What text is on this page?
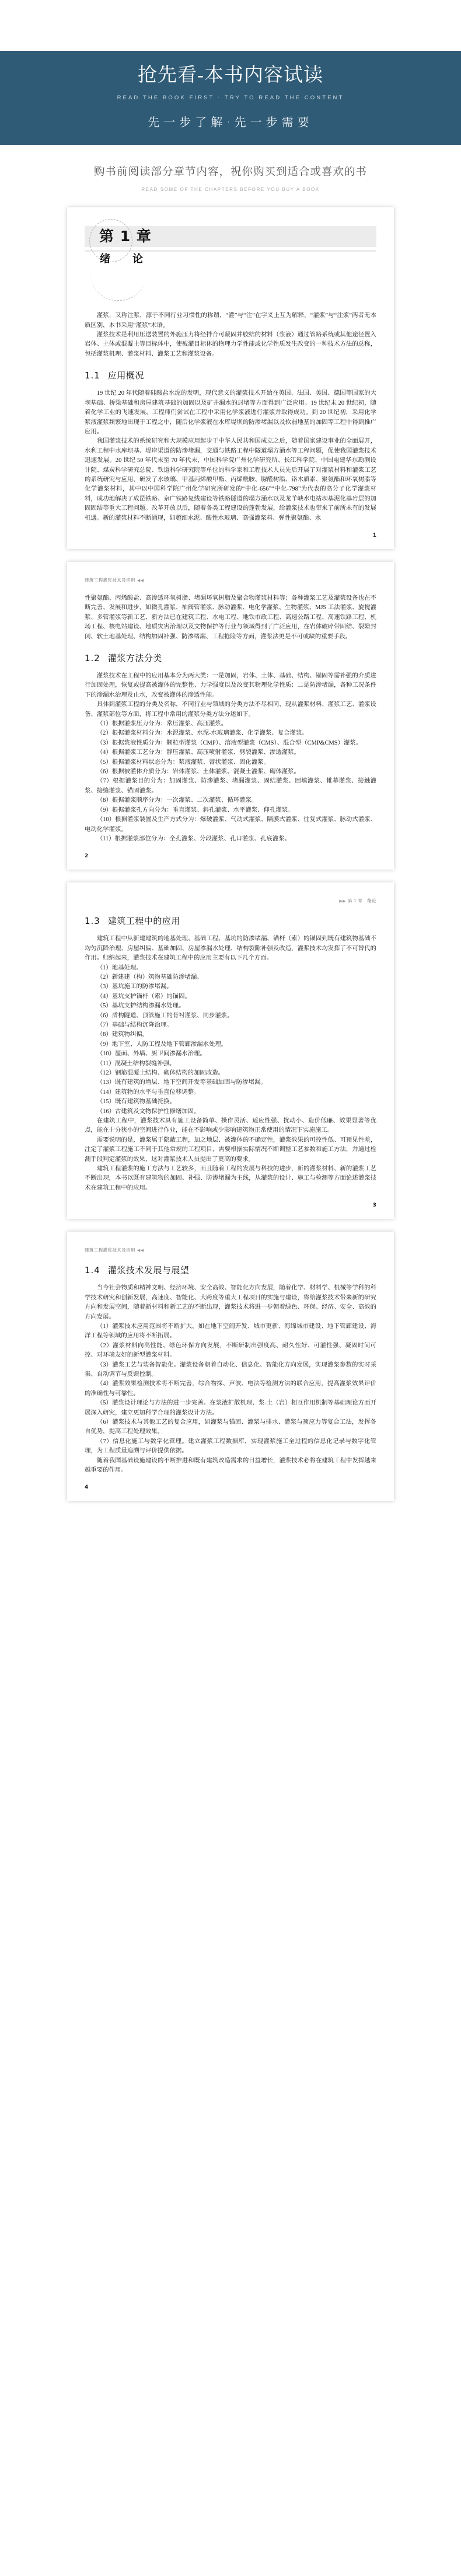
抢先看-本书内容试读
READ THE BOOK FIRST · TRY TO READ THE CONTENT
先一步了解·先一步需要
购书前阅读部分章节内容，祝你购买到适合或喜欢的书
READ SOME OF THE CHAPTERS BEFORE YOU BUY A BOOK
第 1 章
绪　论

灌浆，又称注浆，源于不同行业习惯性的称谓，“灌”与“注”在字义上互为解释，“灌浆”与“注浆”两者无本质区别，本书采用“灌浆”术语。

灌浆技术是利用压送装置的外施压力将经拌合可凝固并胶结的材料（浆液）通过管路系统或其他途径置入岩体、土体或混凝土等目标体中，使被灌目标体的物理力学性能或化学性质发生改变的一种技术方法的总称，包括灌浆机理、灌浆材料、灌浆工艺和灌浆设备。

1.1 应用概况

19 世纪 20 年代随着硅酸盐水泥的发明，现代意义的灌浆技术开始在英国、法国、美国、德国等国家的大坝基础、桥梁基础和房屋建筑基础的加固以及矿井漏水的封堵等方面得到广泛应用。19 世纪末 20 世纪初，随着化学工业的飞速发展，工程师们尝试在工程中采用化学浆液进行灌浆并取得成功。到 20 世纪初，采用化学浆液灌浆频繁地出现于工程之中，随后化学浆液在水库堤坝的防渗堵漏以及软弱地基的加固等工程中得到推广应用。

我国灌浆技术的系统研究和大规模应用起步于中华人民共和国成立之后，随着国家建设事业的全面展开，水利工程中水库坝基、堤岸渠道的防渗堵漏，交通与铁路工程中隧道塌方涌水等工程问题，促使我国灌浆技术迅速发展。20 世纪 50 年代末至 70 年代末，中国科学院广州化学研究所、长江科学院、中国电建华东勘测设计院、煤炭科学研究总院、铁道科学研究院等单位的科学家和工程技术人员先后开展了对灌浆材料和灌浆工艺的系统研究与应用，研发了水玻璃、甲基丙烯酸甲酯、丙烯酰胺、脲醛树脂、铬木质素、聚氨酯和环氧树脂等化学灌浆材料，其中以中国科学院广州化学研究所研发的“中化-656”“中化-798”为代表的高分子化学灌浆材料，成功地解决了成昆铁路、京广铁路复线建设等铁路隧道的塌方涌水以及龙羊峡水电站坝基泥化基岩层的加固固结等重大工程问题。改革开放以后，随着各类工程建设的蓬勃发展，给灌浆技术也带来了前所未有的发展机遇。新的灌浆材料不断涌现，如超细水泥、酸性水玻璃、高强灌浆料、弹性聚氨酯、水

1
建筑工程灌浆技术及应用 ◀◀

性聚氨酯、丙烯酸盐、高渗透环氧树脂、堵漏环氧树脂及聚合物灌浆材料等；各种灌浆工艺及灌浆设备也在不断完善、发展和进步，如微孔灌浆、袖阀管灌浆、脉动灌浆、电化学灌浆、生物灌浆、MJS 工法灌浆、旋搅灌浆、多管灌浆等新工艺、新方法已在建筑工程、水电工程、地铁市政工程、高速公路工程、高速铁路工程、机场工程、核电站建设、地质灾害治理以及文物保护等行业与领域得到了广泛应用，在岩体破碎带固结、裂隙封闭、软土地基处理、结构加固补强、防渗堵漏、工程抢险等方面，灌浆法更是不可或缺的重要手段。

1.2 灌浆方法分类

灌浆技术在工程中的应用基本分为两大类：一是加固，岩体、土体、基础、结构、锚固等需补强的介质进行加固处理，恢复或提高被灌体的完整性、力学强度以及改变其物理化学性质；二是防渗堵漏，各种工况条件下的渗漏水治理及止水，改变被灌体的渗透性能。

具体到灌浆工程的分类及名称，不同行业与领域的分类方法不尽相同，现从灌浆材料、灌浆工艺、灌浆设备、灌浆部位等方面，将工程中常用的灌浆分类方法分述如下。

（1）根据灌浆压力分为：常压灌浆、高压灌浆。

（2）根据灌浆材料分为：水泥灌浆、水泥-水玻璃灌浆、化学灌浆、复合灌浆。

（3）根据浆液性质分为：颗粒型灌浆（CMP）、溶液型灌浆（CMS）、混合型（CMP&CMS）灌浆。

（4）根据灌浆工艺分为：静压灌浆、高压喷射灌浆、劈裂灌浆、渗透灌浆。

（5）根据灌浆材料状态分为：浆液灌浆、膏状灌浆、固化灌浆。

（6）根据被灌体介质分为：岩体灌浆、土体灌浆、混凝土灌浆、砌体灌浆。

（7）根据灌浆目的分为：加固灌浆、防渗灌浆、堵漏灌浆、固结灌浆、回填灌浆、帷幕灌浆、接触灌浆、接缝灌浆、锚固灌浆。

（8）根据灌浆顺序分为：一次灌浆、二次灌浆、循环灌浆。

（9）根据灌浆孔方向分为：垂直灌浆、斜孔灌浆、水平灌浆、仰孔灌浆。

（10）根据灌浆装置及生产方式分为：爆破灌浆、气动式灌浆、隔膜式灌浆、往复式灌浆、脉动式灌浆、电动化学灌浆。

（11）根据灌浆部位分为：全孔灌浆、分段灌浆、孔口灌浆、孔底灌浆。

2
▶▶ 第 1 章　绪论
1.3 建筑工程中的应用

建筑工程中从新建建筑的地基处理、基础工程、基坑的防渗堵漏、锚杆（索）的锚固到既有建筑物基础不均匀沉降治理、房屋纠偏、基础加固、房屋渗漏水处理、结构裂隙补强及改造，灌浆技术均发挥了不可替代的作用。归纳起来，灌浆技术在建筑工程中的应用主要有以下几个方面。

（1）地基处理。

（2）新建建（构）筑物基础防渗堵漏。

（3）基坑施工的防渗堵漏。

（4）基坑支护锚杆（索）的锚固。

（5）基坑支护结构渗漏水处理。

（6）盾构隧道、顶管施工的背衬灌浆、同步灌浆。

（7）基础与结构沉降治理。

（8）建筑物纠偏。

（9）地下室、人防工程及地下管廊渗漏水处理。

（10）屋面、外墙、厨卫间渗漏水治理。

（11）混凝土结构裂缝补强。

（12）钢筋混凝土结构、砌体结构的加固改造。

（13）既有建筑的增层、地下空间开发等基础加固与防渗堵漏。

（14）建筑物的水平与垂直位移调整。

（15）既有建筑物基础托换。

（16）古建筑及文物保护性修缮加固。

在建筑工程中，灌浆技术具有施工设备简单、操作灵活、适应性强、扰动小、造价低廉、效果显著等优点，能在十分狭小的空间进行作业，能在不影响或少影响建筑物正常使用的情况下实施施工。

需要说明的是，灌浆属于隐蔽工程，加之地层、被灌体的不确定性，灌浆效果的可控性低、可预见性差，注定了灌浆工程施工不同于其他常规的工程项目，需要根据实际情况不断调整工艺参数和施工方法，并通过检测手段判定灌浆的效果，这对灌浆技术人员提出了更高的要求。

建筑工程灌浆的施工方法与工艺较多，而且随着工程的发展与科技的进步，新的灌浆材料、新的灌浆工艺不断出现，本书以既有建筑物的加固、补强、防渗堵漏为主线，从灌浆的设计、施工与检测等方面论述灌浆技术在建筑工程中的应用。

3
建筑工程灌浆技术及应用 ◀◀
1.4 灌浆技术发展与展望

当今社会物质和精神文明、经济环境、安全高效、智能化方向发展，随着化学、材料学、机械等学科的科学技术研究和创新发展，高速度、智能化、大跨度等重大工程项目的实施与建设，将给灌浆技术带来新的研究方向和发展空间，随着新材料和新工艺的不断出现，灌浆技术将进一步朝着绿色、环保、经济、安全、高效的方向发展。

（1）灌浆技术应用范围将不断扩大，如在地下空间开发、城市更新、海绵城市建设、地下管廊建设、海洋工程等领域的应用将不断拓展。

（2）灌浆材料向高性能、绿色环保方向发展，不断研制出强度高、耐久性好、可灌性强、凝固时间可控、对环境友好的新型灌浆材料。

（3）灌浆工艺与装备智能化。灌浆设备朝着自动化、信息化、智能化方向发展，实现灌浆参数的实时采集、自动调节与反馈控制。

（4）灌浆效果检测技术将不断完善，综合物探、声波、电法等检测方法的联合应用，提高灌浆效果评价的准确性与可靠性。

（5）灌浆设计理论与方法的进一步完善。在浆液扩散机理、浆-土（岩）相互作用机制等基础理论方面开展深入研究，建立更加科学合理的灌浆设计方法。

（6）灌浆技术与其他工艺的复合应用，如灌浆与锚固、灌浆与排水、灌浆与预应力等复合工法，发挥各自优势，提高工程处理效果。

（7）信息化施工与数字化管理。建立灌浆工程数据库，实现灌浆施工全过程的信息化记录与数字化管理，为工程质量追溯与评价提供依据。

随着我国基础设施建设的不断推进和既有建筑改造需求的日益增长，灌浆技术必将在建筑工程中发挥越来越重要的作用。

4
